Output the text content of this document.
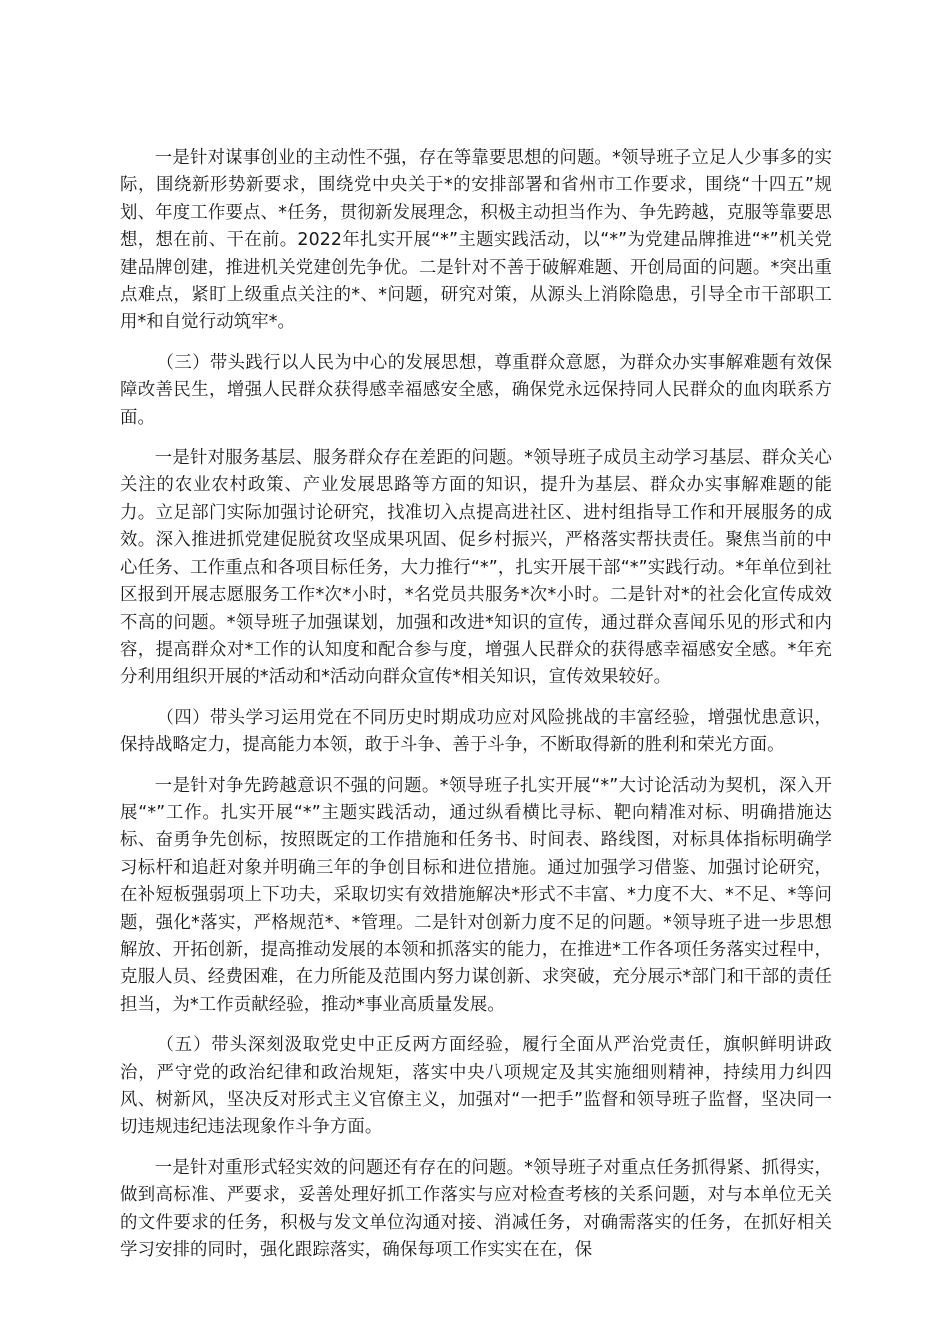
一是针对谋事创业的主动性不强，存在等靠要思想的问题。*领导班子立足人少事多的实际，围绕新形势新要求，围绕党中央关于*的安排部署和省州市工作要求，围绕“十四五”规划、年度工作要点、*任务，贯彻新发展理念，积极主动担当作为、争先跨越，克服等靠要思想，想在前、干在前。2022年扎实开展“*”主题实践活动，以“*”为党建品牌推进“*”机关党建品牌创建，推进机关党建创先争优。二是针对不善于破解难题、开创局面的问题。*突出重点难点，紧盯上级重点关注的*、*问题，研究对策，从源头上消除隐患，引导全市干部职工用*和自觉行动筑牢*。

（三）带头践行以人民为中心的发展思想，尊重群众意愿，为群众办实事解难题有效保障改善民生，增强人民群众获得感幸福感安全感，确保党永远保持同人民群众的血肉联系方面。

一是针对服务基层、服务群众存在差距的问题。*领导班子成员主动学习基层、群众关心关注的农业农村政策、产业发展思路等方面的知识，提升为基层、群众办实事解难题的能力。立足部门实际加强讨论研究，找准切入点提高进社区、进村组指导工作和开展服务的成效。深入推进抓党建促脱贫攻坚成果巩固、促乡村振兴，严格落实帮扶责任。聚焦当前的中心任务、工作重点和各项目标任务，大力推行“*”，扎实开展干部“*”实践行动。*年单位到社区报到开展志愿服务工作*次*小时，*名党员共服务*次*小时。二是针对*的社会化宣传成效不高的问题。*领导班子加强谋划，加强和改进*知识的宣传，通过群众喜闻乐见的形式和内容，提高群众对*工作的认知度和配合参与度，增强人民群众的获得感幸福感安全感。*年充分利用组织开展的*活动和*活动向群众宣传*相关知识，宣传效果较好。

（四）带头学习运用党在不同历史时期成功应对风险挑战的丰富经验，增强忧患意识，保持战略定力，提高能力本领，敢于斗争、善于斗争，不断取得新的胜利和荣光方面。

一是针对争先跨越意识不强的问题。*领导班子扎实开展“*”大讨论活动为契机，深入开展“*”工作。扎实开展“*”主题实践活动，通过纵看横比寻标、靶向精准对标、明确措施达标、奋勇争先创标，按照既定的工作措施和任务书、时间表、路线图，对标具体指标明确学习标杆和追赶对象并明确三年的争创目标和进位措施。通过加强学习借鉴、加强讨论研究，在补短板强弱项上下功夫，采取切实有效措施解决*形式不丰富、*力度不大、*不足、*等问题，强化*落实，严格规范*、*管理。二是针对创新力度不足的问题。*领导班子进一步思想解放、开拓创新，提高推动发展的本领和抓落实的能力，在推进*工作各项任务落实过程中，克服人员、经费困难，在力所能及范围内努力谋创新、求突破，充分展示*部门和干部的责任担当，为*工作贡献经验，推动*事业高质量发展。

（五）带头深刻汲取党史中正反两方面经验，履行全面从严治党责任，旗帜鲜明讲政治，严守党的政治纪律和政治规矩，落实中央八项规定及其实施细则精神，持续用力纠四风、树新风，坚决反对形式主义官僚主义，加强对“一把手”监督和领导班子监督，坚决同一切违规违纪违法现象作斗争方面。

一是针对重形式轻实效的问题还有存在的问题。*领导班子对重点任务抓得紧、抓得实，做到高标准、严要求，妥善处理好抓工作落实与应对检查考核的关系问题，对与本单位无关的文件要求的任务，积极与发文单位沟通对接、消减任务，对确需落实的任务，在抓好相关学习安排的同时，强化跟踪落实，确保每项工作实实在在，保
